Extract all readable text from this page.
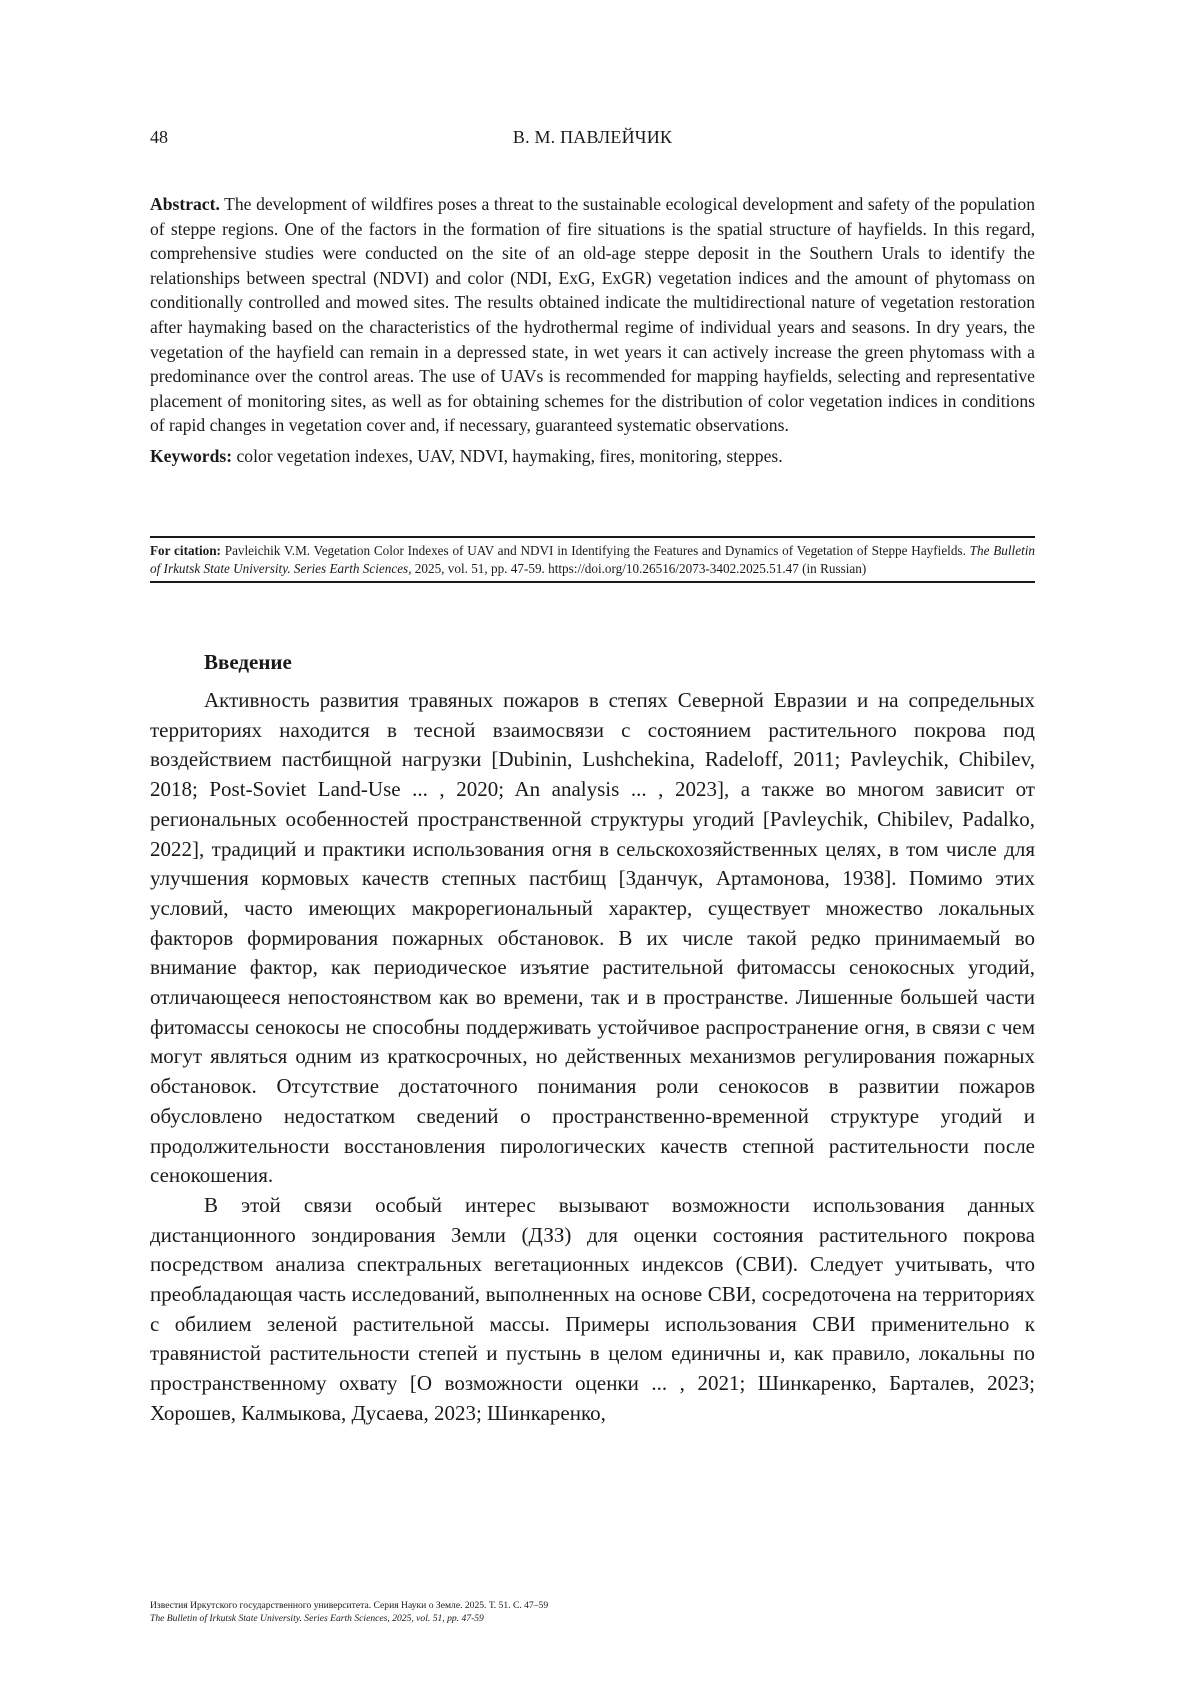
48	В. М. ПАВЛЕЙЧИК

Abstract. The development of wildfires poses a threat to the sustainable ecological development and safety of the population of steppe regions. One of the factors in the formation of fire situations is the spatial structure of hayfields. In this regard, comprehensive studies were conducted on the site of an old-age steppe deposit in the Southern Urals to identify the relationships between spectral (NDVI) and color (NDI, ExG, ExGR) vegetation indices and the amount of phytomass on conditionally controlled and mowed sites. The results obtained indicate the multidirectional nature of vegetation restoration after haymaking based on the characteristics of the hydrothermal regime of individual years and seasons. In dry years, the vegetation of the hayfield can remain in a depressed state, in wet years it can actively increase the green phytomass with a predominance over the control areas. The use of UAVs is recommended for mapping hayfields, selecting and representative placement of monitoring sites, as well as for obtaining schemes for the distribution of color vegetation indices in conditions of rapid changes in vegetation cover and, if necessary, guaranteed systematic observations.

Keywords: color vegetation indexes, UAV, NDVI, haymaking, fires, monitoring, steppes.

For citation: Pavleichik V.M. Vegetation Color Indexes of UAV and NDVI in Identifying the Features and Dynamics of Vegetation of Steppe Hayfields. The Bulletin of Irkutsk State University. Series Earth Sciences, 2025, vol. 51, pp. 47-59. https://doi.org/10.26516/2073-3402.2025.51.47 (in Russian)
Введение

Активность развития травяных пожаров в степях Северной Евразии и на сопредельных территориях находится в тесной взаимосвязи с состоянием растительного покрова под воздействием пастбищной нагрузки [Dubinin, Lushchekina, Radeloff, 2011; Pavleychik, Chibilev, 2018; Post-Soviet Land-Use ... , 2020; An analysis ... , 2023], а также во многом зависит от региональных особенностей пространственной структуры угодий [Pavleychik, Chibilev, Padalko, 2022], традиций и практики использования огня в сельскохозяйственных целях, в том числе для улучшения кормовых качеств степных пастбищ [Зданчук, Артамонова, 1938]. Помимо этих условий, часто имеющих макрорегиональный характер, существует множество локальных факторов формирования пожарных обстановок. В их числе такой редко принимаемый во внимание фактор, как периодическое изъятие растительной фитомассы сенокосных угодий, отличающееся непостоянством как во времени, так и в пространстве. Лишенные большей части фитомассы сенокосы не способны поддерживать устойчивое распространение огня, в связи с чем могут являться одним из краткосрочных, но действенных механизмов регулирования пожарных обстановок. Отсутствие достаточного понимания роли сенокосов в развитии пожаров обусловлено недостатком сведений о пространственно-временной структуре угодий и продолжительности восстановления пирологических качеств степной растительности после сенокошения.

В этой связи особый интерес вызывают возможности использования данных дистанционного зондирования Земли (ДЗЗ) для оценки состояния растительного покрова посредством анализа спектральных вегетационных индексов (СВИ). Следует учитывать, что преобладающая часть исследований, выполненных на основе СВИ, сосредоточена на территориях с обилием зеленой растительной массы. Примеры использования СВИ применительно к травянистой растительности степей и пустынь в целом единичны и, как правило, локальны по пространственному охвату [О возможности оценки ... , 2021; Шинкаренко, Барталев, 2023; Хорошев, Калмыкова, Дусаева, 2023; Шинкаренко,

Известия Иркутского государственного университета. Серия Науки о Земле. 2025. Т. 51. С. 47–59
The Bulletin of Irkutsk State University. Series Earth Sciences, 2025, vol. 51, pp. 47-59
